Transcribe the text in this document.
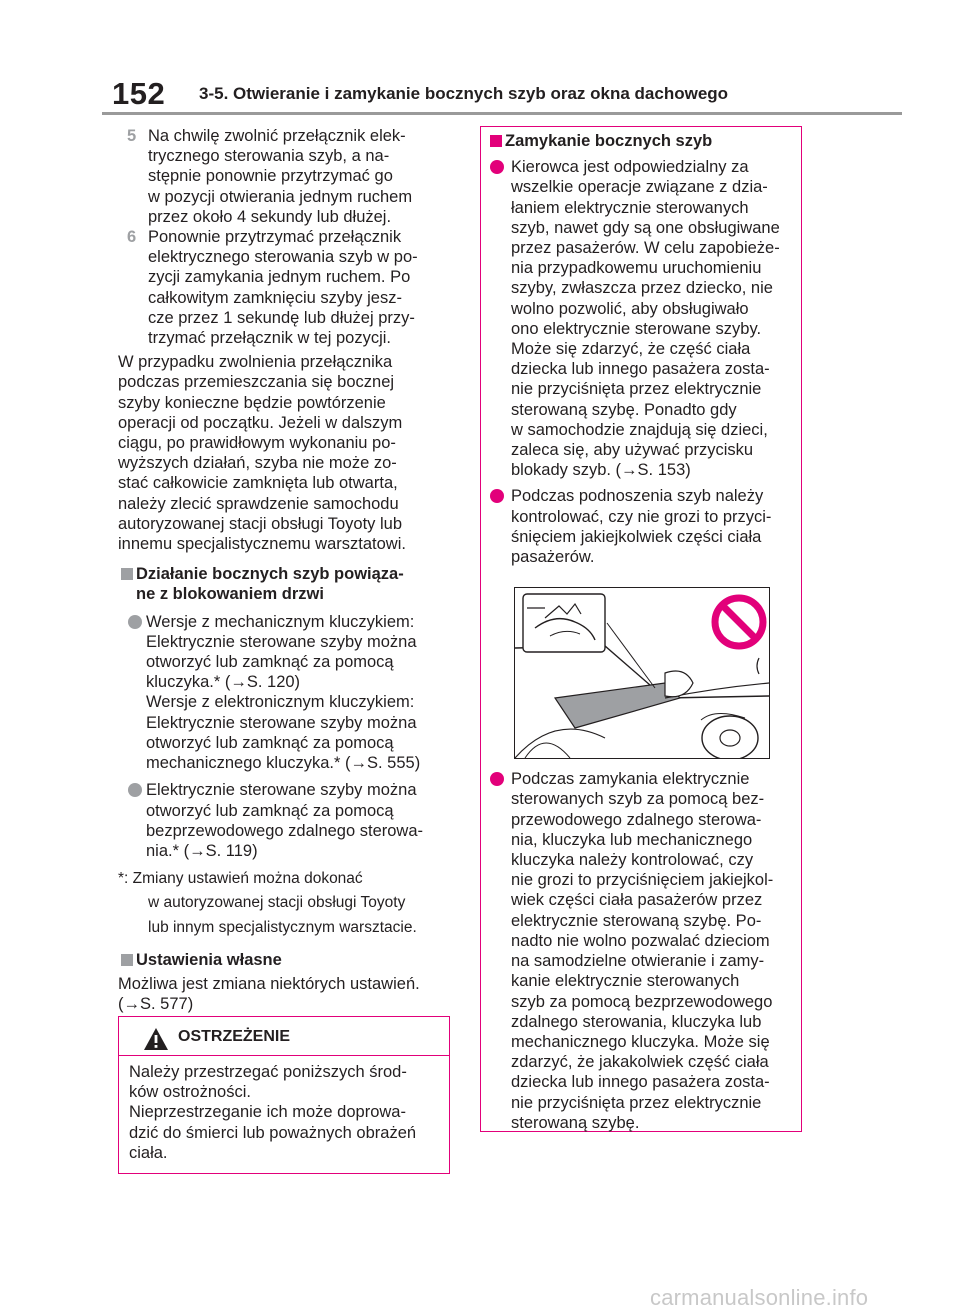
152 3-5. Otwieranie i zamykanie bocznych szyb oraz okna dachowego
5 Na chwilę zwolnić przełącznik elek-
trycznego sterowania szyb, a na-
stępnie ponownie przytrzymać go
w pozycji otwierania jednym ruchem
przez około 4 sekundy lub dłużej.
6 Ponownie przytrzymać przełącznik
elektrycznego sterowania szyb w po-
zycji zamykania jednym ruchem. Po
całkowitym zamknięciu szyby jesz-
cze przez 1 sekundę lub dłużej przy-
trzymać przełącznik w tej pozycji.
W przypadku zwolnienia przełącznika
podczas przemieszczania się bocznej
szyby konieczne będzie powtórzenie
operacji od początku. Jeżeli w dalszym
ciągu, po prawidłowym wykonaniu po-
wyższych działań, szyba nie może zo-
stać całkowicie zamknięta lub otwarta,
należy zlecić sprawdzenie samochodu
autoryzowanej stacji obsługi Toyoty lub
innemu specjalistycznemu warsztatowi.
Działanie bocznych szyb powiąza-
ne z blokowaniem drzwi
Wersje z mechanicznym kluczykiem:
Elektrycznie sterowane szyby można
otworzyć lub zamknąć za pomocą
kluczyka.* (→S. 120)
Wersje z elektronicznym kluczykiem:
Elektrycznie sterowane szyby można
otworzyć lub zamknąć za pomocą
mechanicznego kluczyka.* (→S. 555)
Elektrycznie sterowane szyby można
otworzyć lub zamknąć za pomocą
bezprzewodowego zdalnego sterowa-
nia.* (→S. 119)
*: Zmiany ustawień można dokonać
w autoryzowanej stacji obsługi Toyoty
lub innym specjalistycznym warsztacie.
Ustawienia własne
Możliwa jest zmiana niektórych ustawień.
(→S. 577)
OSTRZEŻENIE
Należy przestrzegać poniższych środ-
ków ostrożności.
Nieprzestrzeganie ich może doprowa-
dzić do śmierci lub poważnych obrażeń
ciała.
Zamykanie bocznych szyb
Kierowca jest odpowiedzialny za
wszelkie operacje związane z dzia-
łaniem elektrycznie sterowanych
szyb, nawet gdy są one obsługiwane
przez pasażerów. W celu zapobieże-
nia przypadkowemu uruchomieniu
szyby, zwłaszcza przez dziecko, nie
wolno pozwolić, aby obsługiwało
ono elektrycznie sterowane szyby.
Może się zdarzyć, że część ciała
dziecka lub innego pasażera zosta-
nie przyciśnięta przez elektrycznie
sterowaną szybę. Ponadto gdy
w samochodzie znajdują się dzieci,
zaleca się, aby używać przycisku
blokady szyb. (→S. 153)
Podczas podnoszenia szyb należy
kontrolować, czy nie grozi to przyci-
śnięciem jakiejkolwiek części ciała
pasażerów.
Podczas zamykania elektrycznie
sterowanych szyb za pomocą bez-
przewodowego zdalnego sterowa-
nia, kluczyka lub mechanicznego
kluczyka należy kontrolować, czy
nie grozi to przyciśnięciem jakiejkol-
wiek części ciała pasażerów przez
elektrycznie sterowaną szybę. Po-
nadto nie wolno pozwalać dzieciom
na samodzielne otwieranie i zamy-
kanie elektrycznie sterowanych
szyb za pomocą bezprzewodowego
zdalnego sterowania, kluczyka lub
mechanicznego kluczyka. Może się
zdarzyć, że jakakolwiek część ciała
dziecka lub innego pasażera zosta-
nie przyciśnięta przez elektrycznie
sterowaną szybę.
carmanualsonline.info
